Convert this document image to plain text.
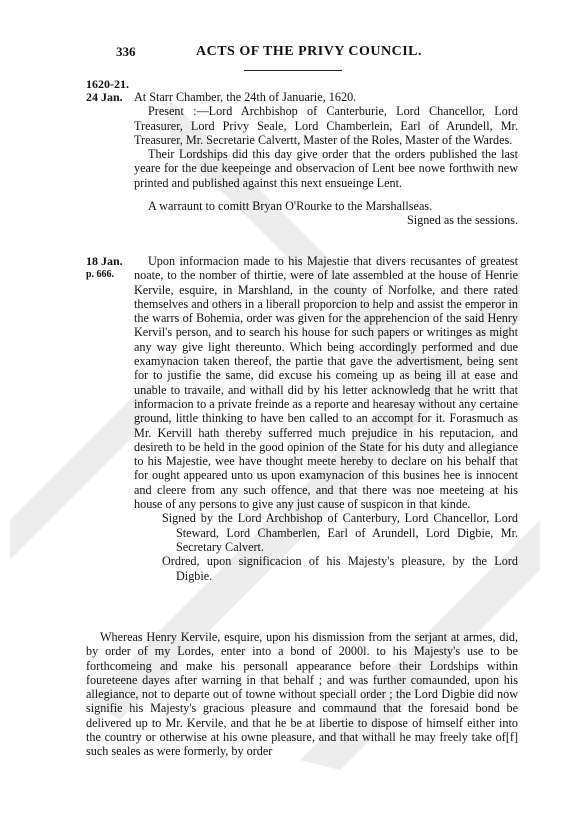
336	ACTS OF THE PRIVY COUNCIL.
1620-21.
24 Jan. At Starr Chamber, the 24th of Januarie, 1620.

Present :—Lord Archbishop of Canterburie, Lord Chancellor, Lord Treasurer, Lord Privy Seale, Lord Chamberlein, Earl of Arundell, Mr. Treasurer, Mr. Secretarie Calvertt, Master of the Roles, Master of the Wardes.

Their Lordships did this day give order that the orders published the last yeare for the due keepeinge and observacion of Lent bee nowe forthwith new printed and published against this next ensueinge Lent.

A warraunt to comitt Bryan O'Rourke to the Marshallseas.

Signed as the sessions.

18 Jan.
p. 666.

Upon informacion made to his Majestie that divers recusantes of greatest noate, to the nomber of thirtie, were of late assembled at the house of Henrie Kervile, esquire, in Marshland, in the county of Norfolke, and there rated themselves and others in a liberall proporcion to help and assist the emperor in the warrs of Bohemia, order was given for the apprehencion of the said Henry Kervil's person, and to search his house for such papers or writinges as might any way give light thereunto. Which being accordingly performed and due examynacion taken thereof, the partie that gave the advertisment, being sent for to justifie the same, did excuse his comeing up as being ill at ease and unable to travaile, and withall did by his letter acknowledg that he writt that informacion to a private freinde as a reporte and hearesay without any certaine ground, little thinking to have ben called to an accompt for it. Forasmuch as Mr. Kervill hath thereby sufferred much prejudice in his reputacion, and desireth to be held in the good opinion of the State for his duty and allegiance to his Majestie, wee have thought meete hereby to declare on his behalf that for ought appeared unto us upon examynacion of this busines hee is innocent and cleere from any such offence, and that there was noe meeteing at his house of any persons to give any just cause of suspicon in that kinde.

Signed by the Lord Archbishop of Canterbury, Lord Chancellor, Lord Steward, Lord Chamberlen, Earl of Arundell, Lord Digbie, Mr. Secretary Calvert.

Ordred, upon significacion of his Majesty's pleasure, by the Lord Digbie.

Whereas Henry Kervile, esquire, upon his dismission from the serjant at armes, did, by order of my Lordes, enter into a bond of 2000l. to his Majesty's use to be forthcomeing and make his personall appearance before their Lordships within foureteene dayes after warning in that behalf ; and was further comaunded, upon his allegiance, not to departe out of towne without speciall order ; the Lord Digbie did now signifie his Majesty's gracious pleasure and commaund that the foresaid bond be delivered up to Mr. Kervile, and that he be at libertie to dispose of himself either into the country or otherwise at his owne pleasure, and that withall he may freely take of[f] such seales as were formerly, by order
